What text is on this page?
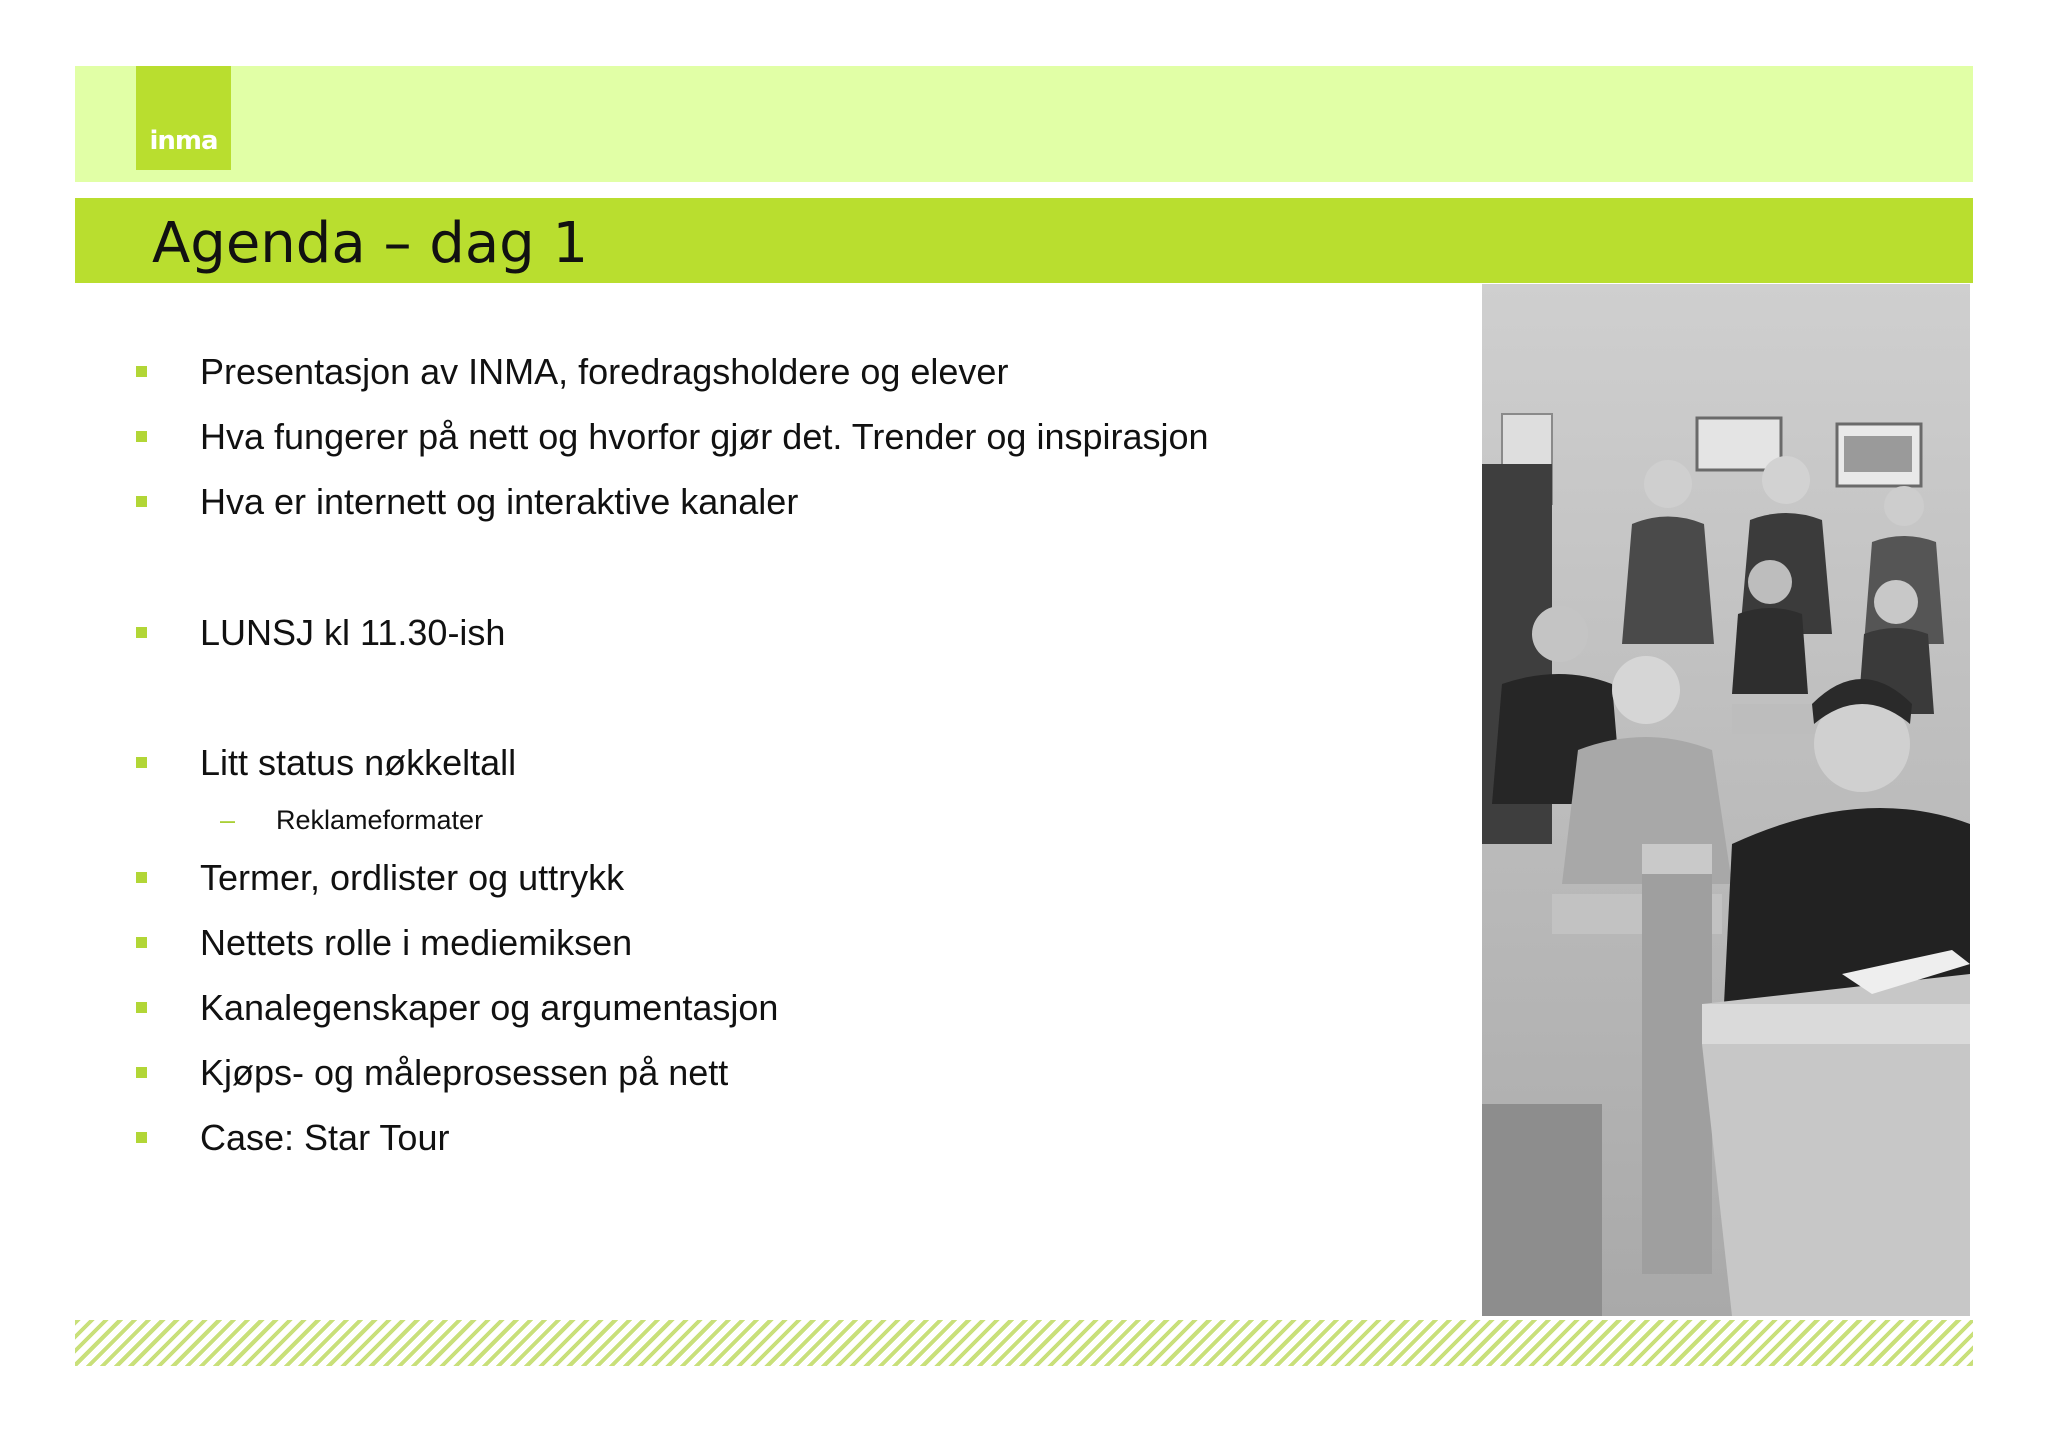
inma
Agenda – dag 1
Presentasjon av INMA, foredragsholdere og elever
Hva fungerer på nett og hvorfor gjør det. Trender og inspirasjon
Hva er internett og interaktive kanaler
LUNSJ kl 11.30-ish
Litt status nøkkeltall
– Reklameformater
Termer, ordlister og uttrykk
Nettets rolle i mediemiksen
Kanalegenskaper og argumentasjon
Kjøps- og måleprosessen på nett
Case: Star Tour
